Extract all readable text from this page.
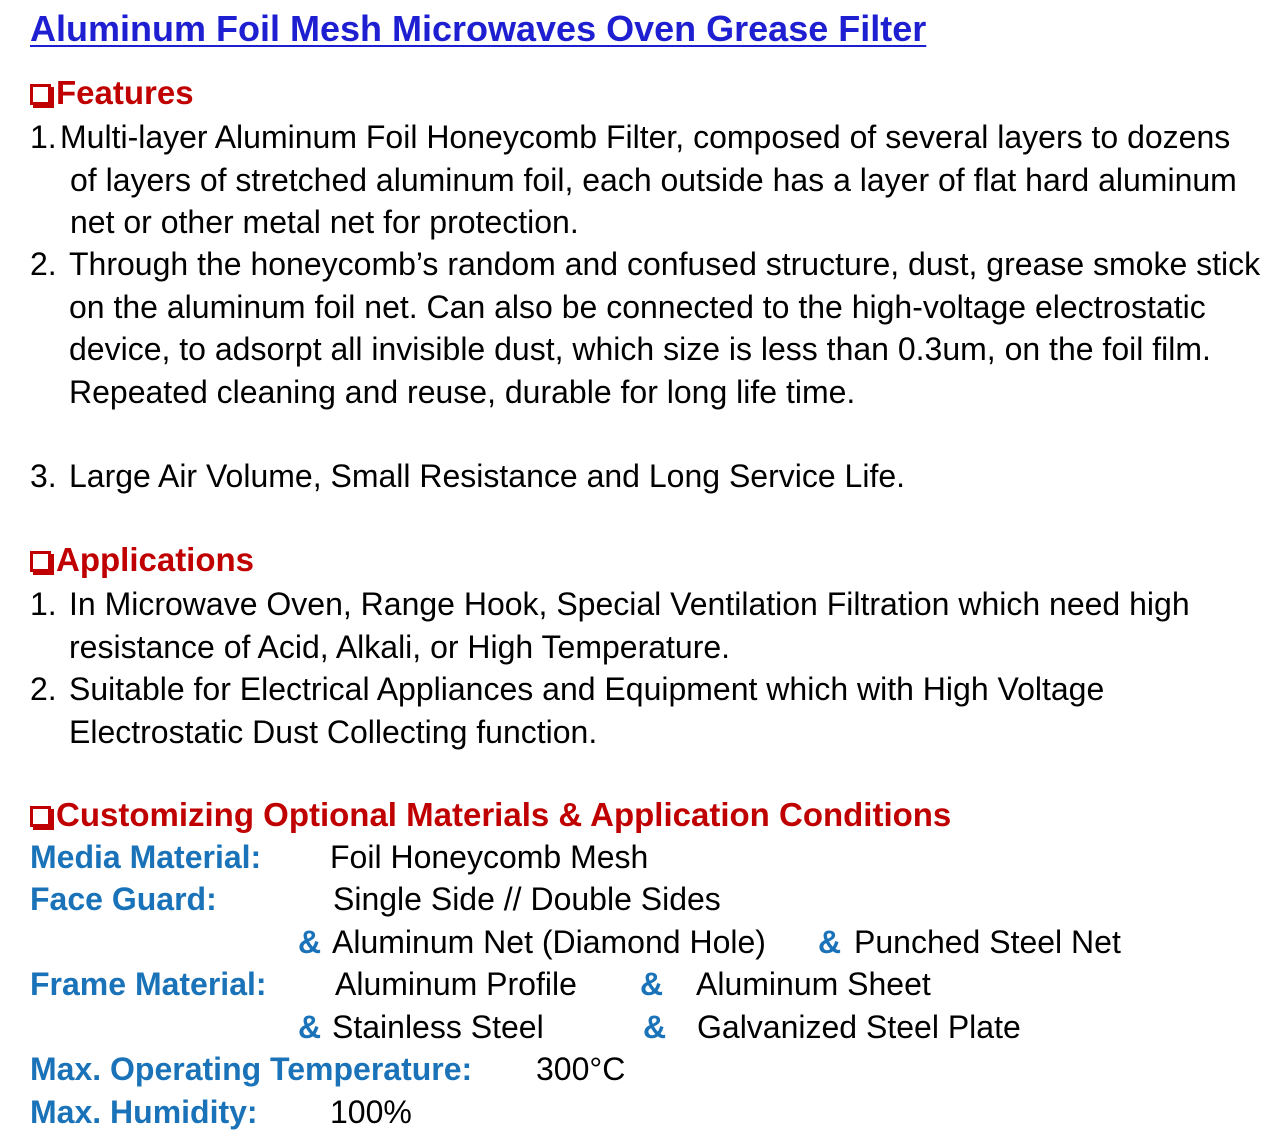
Aluminum Foil Mesh Microwaves Oven Grease Filter
Features
1. Multi-layer Aluminum Foil Honeycomb Filter, composed of several layers to dozens of layers of stretched aluminum foil, each outside has a layer of flat hard aluminum net or other metal net for protection.
2. Through the honeycomb’s random and confused structure, dust, grease smoke stick on the aluminum foil net. Can also be connected to the high-voltage electrostatic device, to adsorpt all invisible dust, which size is less than 0.3um, on the foil film. Repeated cleaning and reuse, durable for long life time.
3. Large Air Volume, Small Resistance and Long Service Life.
Applications
1. In Microwave Oven, Range Hook, Special Ventilation Filtration which need high resistance of Acid, Alkali, or High Temperature.
2. Suitable for Electrical Appliances and Equipment which with High Voltage Electrostatic Dust Collecting function.
Customizing Optional Materials & Application Conditions
Media Material: Foil Honeycomb Mesh
Face Guard:	Single Side // Double Sides
& Aluminum Net (Diamond Hole) & Punched Steel Net
Frame Material: Aluminum Profile & Aluminum Sheet
& Stainless Steel	& Galvanized Steel Plate
Max. Operating Temperature: 300°C
Max. Humidity: 100%
